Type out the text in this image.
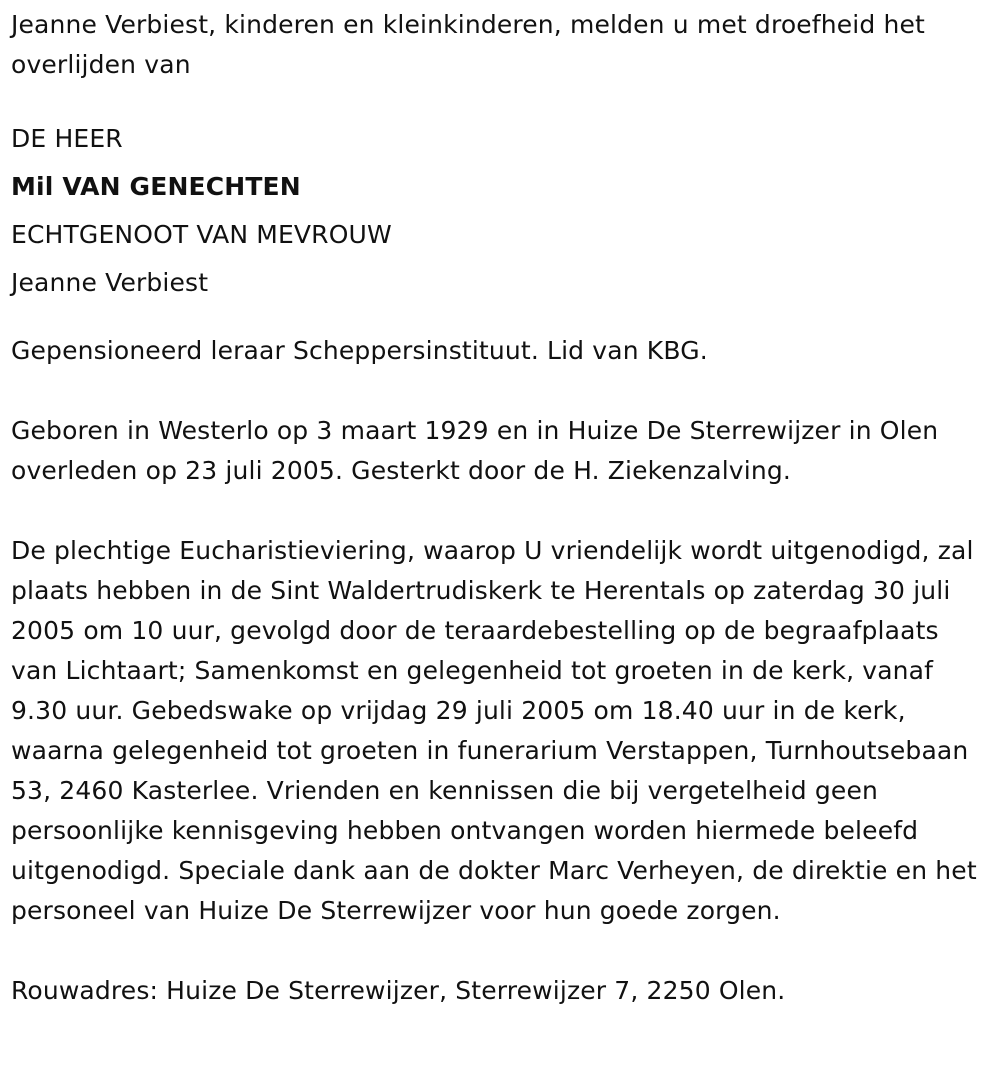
Jeanne Verbiest, kinderen en kleinkinderen, melden u met droefheid het overlijden van

DE HEER

Mil VAN GENECHTEN

ECHTGENOOT VAN MEVROUW

Jeanne Verbiest

Gepensioneerd leraar Scheppersinstituut. Lid van KBG.

Geboren in Westerlo op 3 maart 1929 en in Huize De Sterrewijzer in Olen overleden op 23 juli 2005. Gesterkt door de H. Ziekenzalving.

De plechtige Eucharistieviering, waarop U vriendelijk wordt uitgenodigd, zal plaats hebben in de Sint Waldertrudiskerk te Herentals op zaterdag 30 juli 2005 om 10 uur, gevolgd door de teraardebestelling op de begraafplaats van Lichtaart; Samenkomst en gelegenheid tot groeten in de kerk, vanaf 9.30 uur. Gebedswake op vrijdag 29 juli 2005 om 18.40 uur in de kerk, waarna gelegenheid tot groeten in funerarium Verstappen, Turnhoutsebaan 53, 2460 Kasterlee. Vrienden en kennissen die bij vergetelheid geen persoonlijke kennisgeving hebben ontvangen worden hiermede beleefd uitgenodigd. Speciale dank aan de dokter Marc Verheyen, de direktie en het personeel van Huize De Sterrewijzer voor hun goede zorgen.

Rouwadres: Huize De Sterrewijzer, Sterrewijzer 7, 2250 Olen.
